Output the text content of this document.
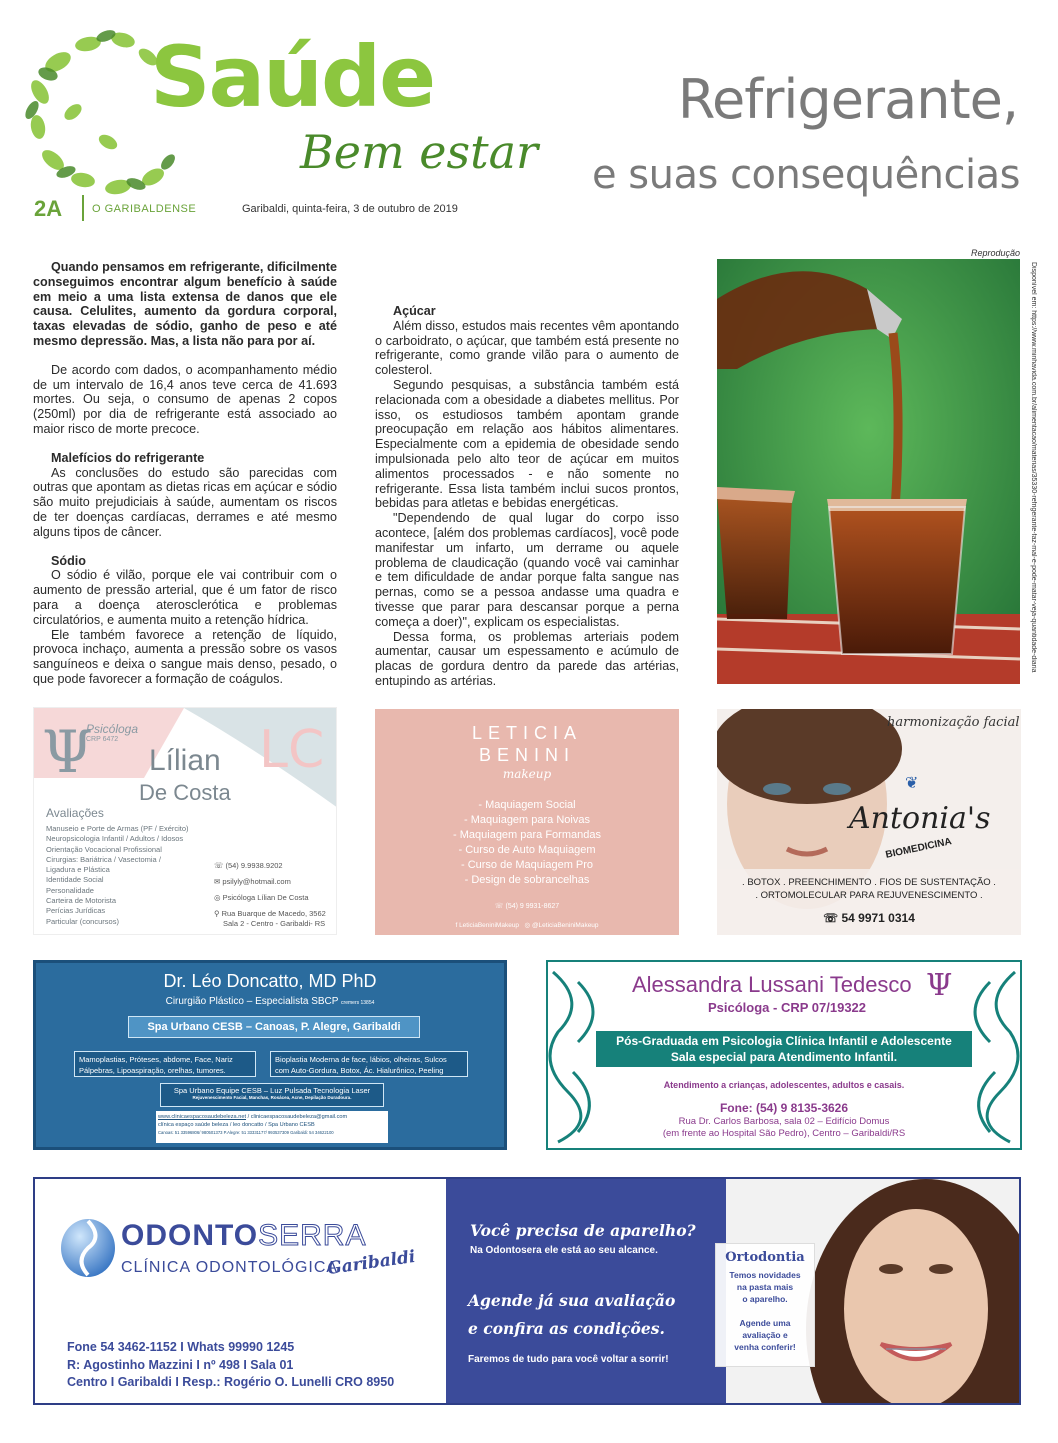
Saúde
Bem estar
2A	O GARIBALDENSE	Garibaldi, quinta-feira, 3 de outubro de 2019
Refrigerante,
e suas consequências

Quando pensamos em refrigerante, dificilmente conseguimos encontrar algum benefício à saúde em meio a uma lista extensa de danos que ele causa. Celulites, aumento da gordura corporal, taxas elevadas de sódio, ganho de peso e até mesmo depressão. Mas, a lista não para por aí.

De acordo com dados, o acompanhamento médio de um intervalo de 16,4 anos teve cerca de 41.693 mortes. Ou seja, o consumo de apenas 2 copos (250ml) por dia de refrigerante está associado ao maior risco de morte precoce.

Malefícios do refrigerante

As conclusões do estudo são parecidas com outras que apontam as dietas ricas em açúcar e sódio são muito prejudiciais à saúde, aumentam os riscos de ter doenças cardíacas, derrames e até mesmo alguns tipos de câncer.

Sódio

O sódio é vilão, porque ele vai contribuir com o aumento de pressão arterial, que é um fator de risco para a doença aterosclerótica e problemas circulatórios, e aumenta muito a retenção hídrica.

Ele também favorece a retenção de líquido, provoca inchaço, aumenta a pressão sobre os vasos sanguíneos e deixa o sangue mais denso, pesado, o que pode favorecer a formação de coágulos.

Açúcar

Além disso, estudos mais recentes vêm apontando o carboidrato, o açúcar, que também está presente no refrigerante, como grande vilão para o aumento de colesterol.

Segundo pesquisas, a substância também está relacionada com a obesidade a diabetes mellitus. Por isso, os estudiosos também apontam grande preocupação em relação aos hábitos alimentares. Especialmente com a epidemia de obesidade sendo impulsionada pelo alto teor de açúcar em muitos alimentos processados - e não somente no refrigerante. Essa lista também inclui sucos prontos, bebidas para atletas e bebidas energéticas.

"Dependendo de qual lugar do corpo isso acontece, [além dos problemas cardíacos], você pode manifestar um infarto, um derrame ou aquele problema de claudicação (quando você vai caminhar e tem dificuldade de andar porque falta sangue nas pernas, como se a pessoa andasse uma quadra e tivesse que parar para descansar porque a perna começa a doer)", explicam os especialistas.

Dessa forma, os problemas arteriais podem aumentar, causar um espessamento e acúmulo de placas de gordura dentro da parede das artérias, entupindo as artérias.

Reprodução
Disponível em: https://www.minhavida.com.br/alimentacao/materias/35330-refrigerante-faz-mal-e-pode-matar-veja-quantidade-diaria
Ψ
Psicóloga
CRP 6472
Lílian
De Costa
LC
Avaliações
Manuseio e Porte de Armas (PF / Exército)
Neuropsicologia Infantil / Adultos / Idosos
Orientação Vocacional Profissional
Cirurgias: Bariátrica / Vasectomia /
Ligadura e Plástica
Identidade Social
Personalidade
Carteira de Motorista
Perícias Jurídicas
Particular (concursos)
☏ (54) 9.9938.9202
✉ psilyly@hotmail.com
◎ Psicóloga Lílian De Costa
⚲ Rua Buarque de Macedo, 3562
Sala 2 - Centro - Garibaldi- RS
LETICIA
BENINI
makeup
- Maquiagem Social
- Maquiagem para Noivas
- Maquiagem para Formandas
- Curso de Auto Maquiagem
- Curso de Maquiagem Pro
- Design de sobrancelhas
☏ (54) 9 9931-8627
f LeticiaBeniniMakeup ◎ @LeticiaBeniniMakeup
harmonização facial
❦
Antonia's
BIOMEDICINA
. BOTOX . PREENCHIMENTO . FIOS DE SUSTENTAÇÃO .
. ORTOMOLECULAR PARA REJUVENESCIMENTO .
☏ 54 9971 0314
Dr. Léo Doncatto, MD PhD
Cirurgião Plástico – Especialista SBCP cremers 13854
Spa Urbano CESB – Canoas, P. Alegre, Garibaldi
Mamoplastias, Próteses, abdome, Face, Nariz
Pálpebras, Lipoaspiração, orelhas, tumores.
Bioplastia Moderna de face, lábios, olheiras, Sulcos
com Auto-Gordura, Botox, Ác. Hialurônico, Peeling
Spa Urbano Equipe CESB – Luz Pulsada Tecnologia Laser
Rejuvenescimento Facial, Manchas, Rosácea, Acne, Depilação Duradoura.
www.clinicaespacosaudebeleza.net / clinicaespacosaudebeleza@gmail.com
clínica espaço saúde beleza / leo doncatto / Spa Urbano CESB
Canoas: 51 33596806/ 980501373 P.Alegre: 51 33331177/ 993537309 Garibaldi: 54 34622100
Alessandra Lussani Tedesco Ψ
Psicóloga - CRP 07/19322
Pós-Graduada em Psicologia Clínica Infantil e Adolescente
Sala especial para Atendimento Infantil.
Atendimento a crianças, adolescentes, adultos e casais.
Fone: (54) 9 8135-3626
Rua Dr. Carlos Barbosa, sala 02 – Edifício Domus
(em frente ao Hospital São Pedro), Centro – Garibaldi/RS
ODONTOSERRA
CLÍNICA ODONTOLÓGICA
Garibaldi
Fone 54 3462-1152 I Whats 99990 1245
R: Agostinho Mazzini I nº 498 I Sala 01
Centro I Garibaldi I Resp.: Rogério O. Lunelli CRO 8950
Você precisa de aparelho?
Na Odontosera ele está ao seu alcance.
Agende já sua avaliação
e confira as condições.
Faremos de tudo para você voltar a sorrir!
Ortodontia
Temos novidades
na pasta mais
o aparelho.
Agende uma
avaliação e
venha conferir!
